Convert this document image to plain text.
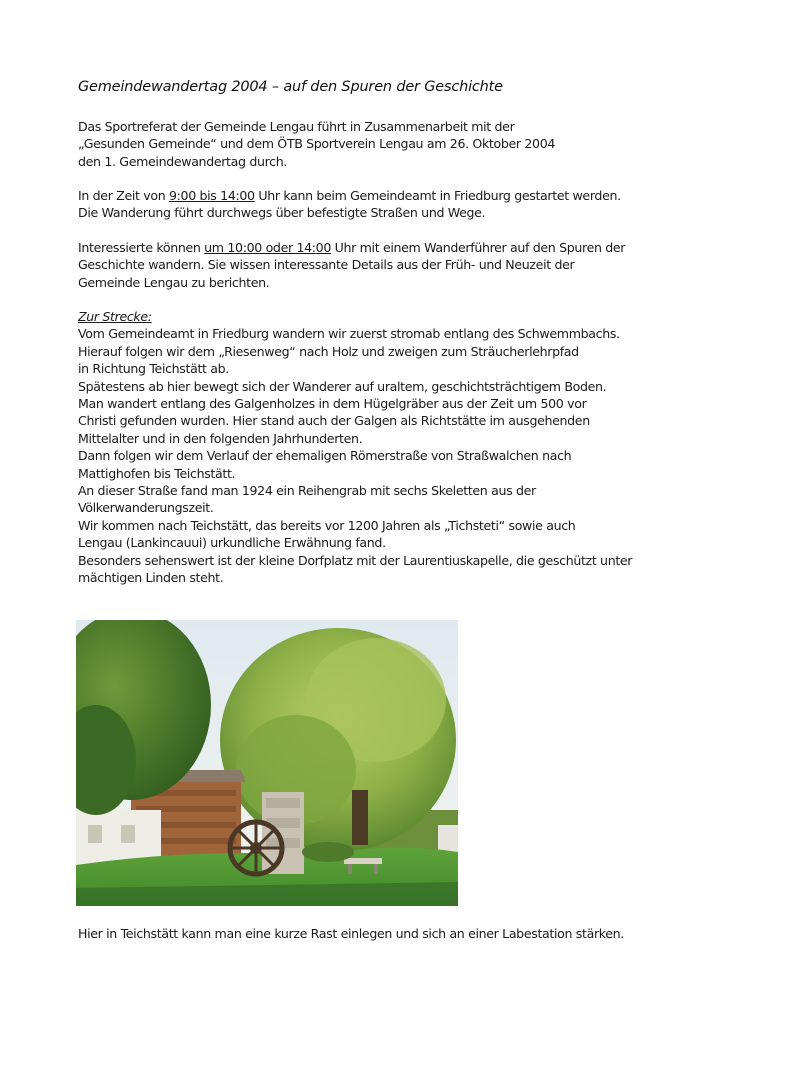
Gemeindewandertag 2004 – auf den Spuren der Geschichte
Das Sportreferat der Gemeinde Lengau führt in Zusammenarbeit mit der
„Gesunden Gemeinde“ und dem ÖTB Sportverein Lengau am 26. Oktober 2004
den 1. Gemeindewandertag durch.
In der Zeit von 9:00 bis 14:00 Uhr kann beim Gemeindeamt in Friedburg gestartet werden.
Die Wanderung führt durchwegs über befestigte Straßen und Wege.
Interessierte können um 10:00 oder 14:00 Uhr mit einem Wanderführer auf den Spuren der
Geschichte wandern. Sie wissen interessante Details aus der Früh- und Neuzeit der
Gemeinde Lengau zu berichten.
Zur Strecke:
Vom Gemeindeamt in Friedburg wandern wir zuerst stromab entlang des Schwemmbachs.
Hierauf folgen wir dem „Riesenweg“ nach Holz und zweigen zum Sträucherlehrpfad
in Richtung Teichstätt ab.
Spätestens ab hier bewegt sich der Wanderer auf uraltem, geschichtsträchtigem Boden.
Man wandert entlang des Galgenholzes in dem Hügelgräber aus der Zeit um 500 vor
Christi gefunden wurden. Hier stand auch der Galgen als Richtstätte im ausgehenden
Mittelalter und in den folgenden Jahrhunderten.
Dann folgen wir dem Verlauf der ehemaligen Römerstraße von Straßwalchen nach
Mattighofen bis Teichstätt.
An dieser Straße fand man 1924 ein Reihengrab mit sechs Skeletten aus der
Völkerwanderungszeit.
Wir kommen nach Teichstätt, das bereits vor 1200 Jahren als „Tichsteti“ sowie auch
Lengau (Lankincauui) urkundliche Erwähnung fand.
Besonders sehenswert ist der kleine Dorfplatz mit der Laurentiuskapelle, die geschützt unter
mächtigen Linden steht.
Hier in Teichstätt kann man eine kurze Rast einlegen und sich an einer Labestation stärken.
